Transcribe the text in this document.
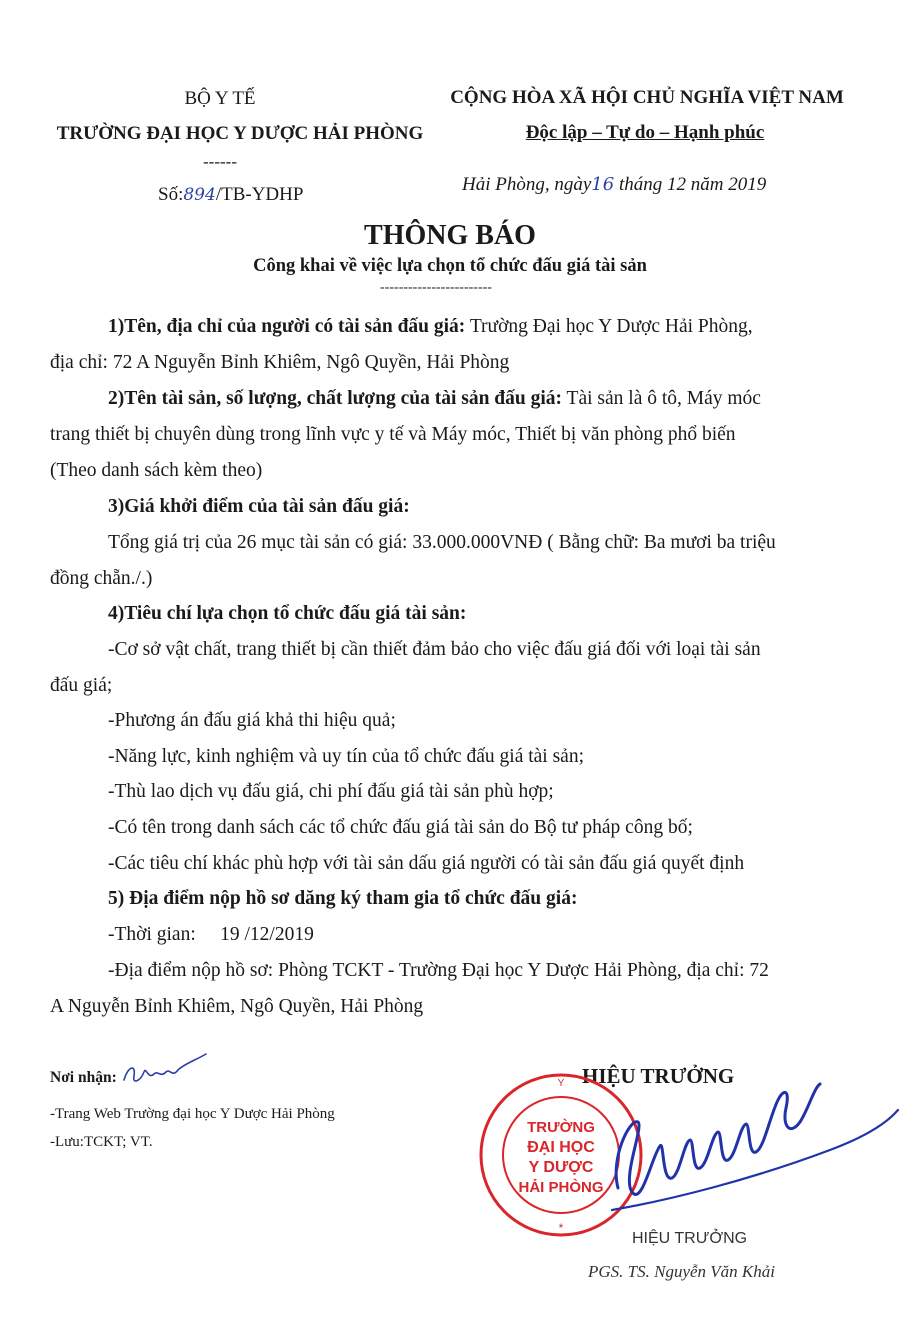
BỘ Y TẾ
TRƯỜNG ĐẠI HỌC Y DƯỢC HẢI PHÒNG
------
Số:894/TB-YDHP
CỘNG HÒA XÃ HỘI CHỦ NGHĨA VIỆT NAM
Độc lập – Tự do – Hạnh phúc
Hải Phòng, ngày16 tháng 12 năm 2019
THÔNG BÁO
Công khai về việc lựa chọn tổ chức đấu giá tài sản
------------------------
1)Tên, địa chỉ của người có tài sản đấu giá: Trường Đại học Y Dược Hải Phòng,
địa chỉ: 72 A Nguyễn Bỉnh Khiêm, Ngô Quyền, Hải Phòng
2)Tên tài sản, số lượng, chất lượng của tài sản đấu giá: Tài sản là ô tô, Máy móc
trang thiết bị chuyên dùng trong lĩnh vực y tế và Máy móc, Thiết bị văn phòng phổ biến
(Theo danh sách kèm theo)
3)Giá khởi điểm của tài sản đấu giá:
Tổng giá trị của 26 mục tài sản có giá: 33.000.000VNĐ ( Bằng chữ: Ba mươi ba triệu
đồng chẵn./.)
4)Tiêu chí lựa chọn tổ chức đấu giá tài sản:
-Cơ sở vật chất, trang thiết bị cần thiết đảm bảo cho việc đấu giá đối với loại tài sản
đấu giá;
-Phương án đấu giá khả thi hiệu quả;
-Năng lực, kinh nghiệm và uy tín của tổ chức đấu giá tài sản;
-Thù lao dịch vụ đấu giá, chi phí đấu giá tài sản phù hợp;
-Có tên trong danh sách các tổ chức đấu giá tài sản do Bộ tư pháp công bố;
-Các tiêu chí khác phù hợp với tài sản dấu giá người có tài sản đấu giá quyết định
5) Địa điểm nộp hồ sơ dăng ký tham gia tổ chức đấu giá:
-Thời gian:     19 /12/2019
-Địa điểm nộp hồ sơ: Phòng TCKT - Trường Đại học Y Dược Hải Phòng, địa chỉ: 72
A Nguyễn Bỉnh Khiêm, Ngô Quyền, Hải Phòng
Nơi nhận:
-Trang Web Trường đại học Y Dược Hải Phòng
-Lưu:TCKT; VT.
HIỆU TRƯỞNG
Y
*
TRƯỜNG
ĐẠI HỌC
Y DƯỢC
HẢI PHÒNG
HIỆU TRƯỞNG
PGS. TS. Nguyễn Văn Khải
